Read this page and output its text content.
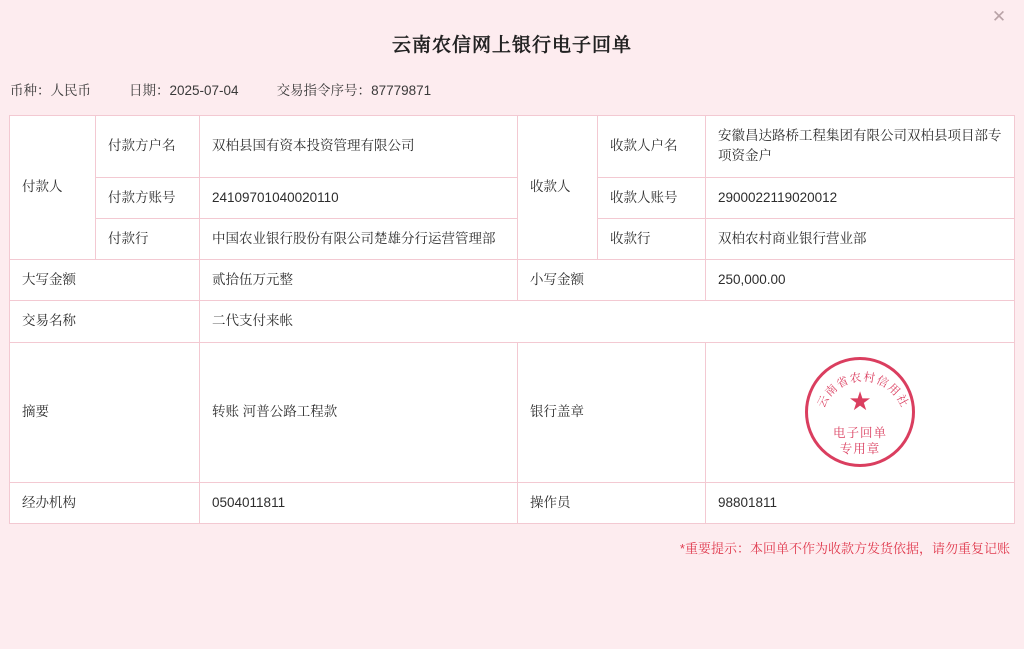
✕
云南农信网上银行电子回单
币种：人民币	日期：2025-07-04	交易指令序号：87779871
付款人	付款方户名	双柏县国有资本投资管理有限公司	收款人	收款人户名	安徽昌达路桥工程集团有限公司双柏县项目部专项资金户
	付款方账号	24109701040020110		收款人账号	2900022119020012
	付款行	中国农业银行股份有限公司楚雄分行运营管理部		收款行	双柏农村商业银行营业部
大写金额		贰拾伍万元整	小写金额		250,000.00
交易名称		二代支付来帐			
摘要		转账 河普公路工程款	银行盖章		云南省农村信用社
★
电子回单
专用章

经办机构		0504011811	操作员		98801811
*重要提示：本回单不作为收款方发货依据，请勿重复记账
